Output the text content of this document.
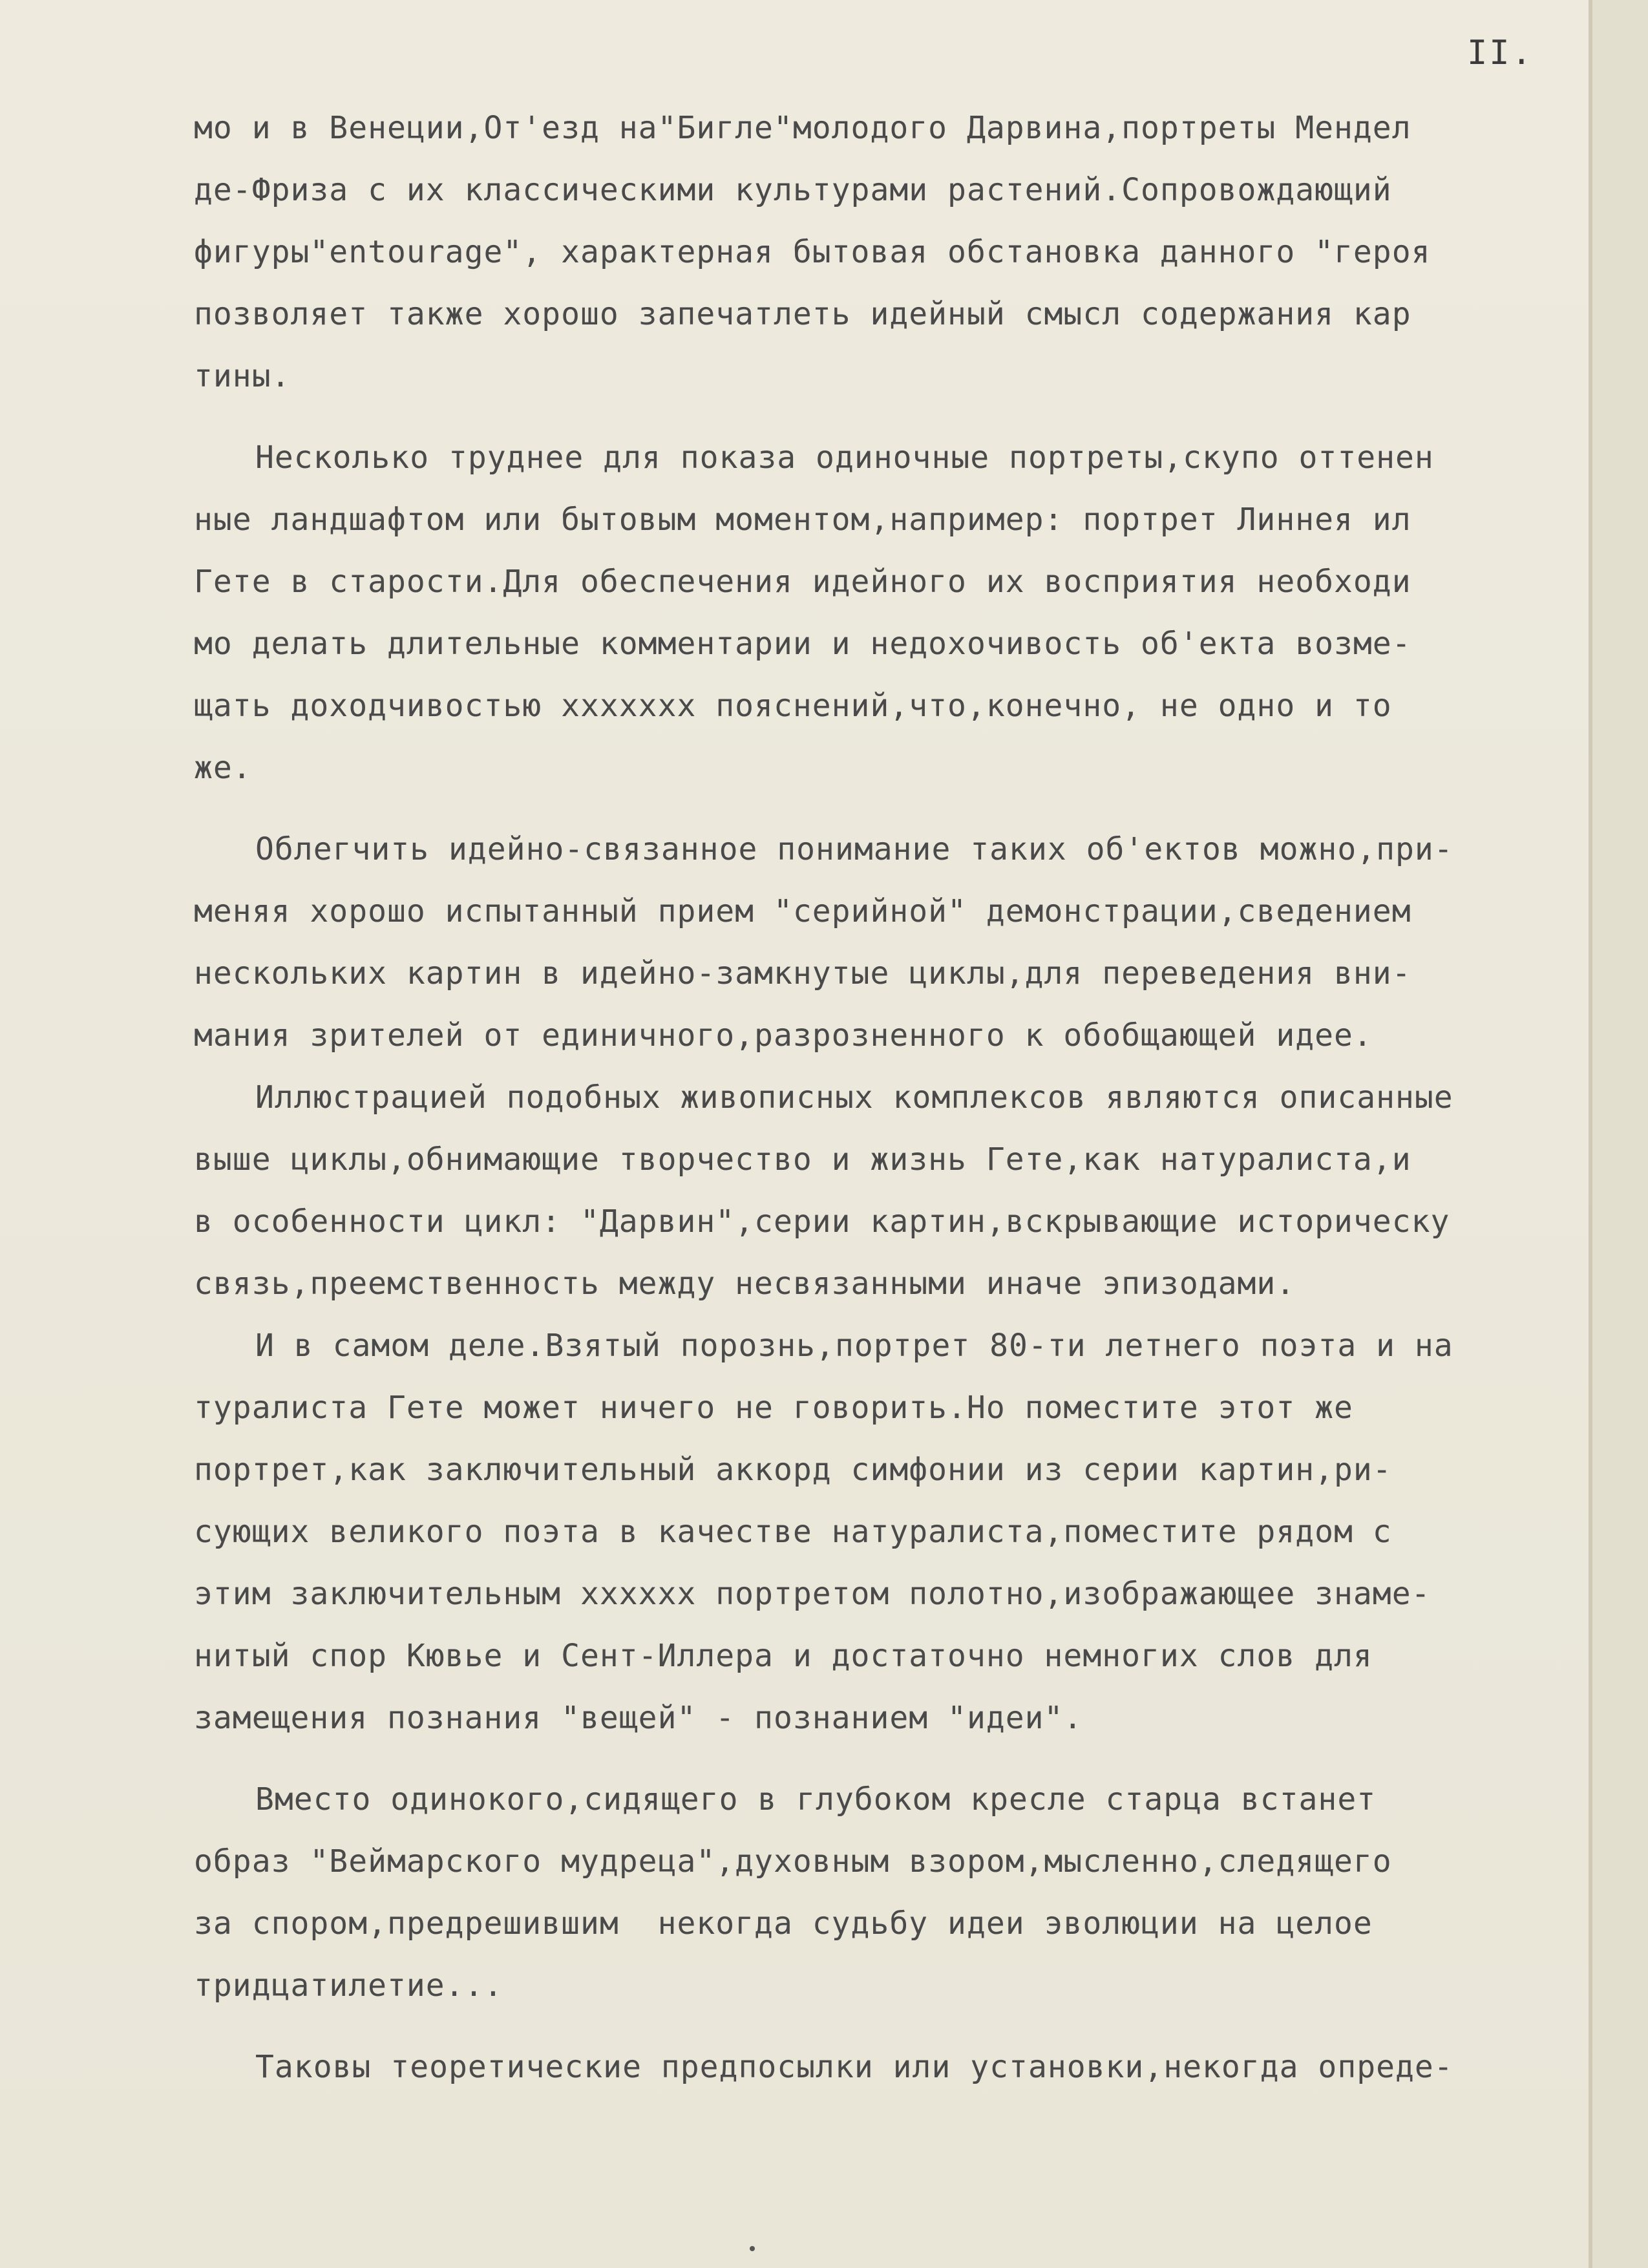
II.
мо и в Венеции,От'езд на"Бигле"молодого Дарвина,портреты Мендел
де-Фриза с их классическими культурами растений.Сопровождающий
фигуры"entourage", характерная бытовая обстановка данного "героя
позволяет также хорошо запечатлеть идейный смысл содержания кар
тины.
Несколько труднее для показа одиночные портреты,скупо оттенен
ные ландшафтом или бытовым моментом,например: портрет Линнея ил
Гете в старости.Для обеспечения идейного их восприятия необходи
мо делать длительные комментарии и недохочивость об'екта возме-
щать доходчивостью ххххххх пояснений,что,конечно, не одно и то
же.
Облегчить идейно-связанное понимание таких об'ектов можно,при-
меняя хорошо испытанный прием "серийной" демонстрации,сведением
нескольких картин в идейно-замкнутые циклы,для переведения вни-
мания зрителей от единичного,разрозненного к обобщающей идее.
Иллюстрацией подобных живописных комплексов являются описанные
выше циклы,обнимающие творчество и жизнь Гете,как натуралиста,и
в особенности цикл: "Дарвин",серии картин,вскрывающие историческу
связь,преемственность между несвязанными иначе эпизодами.
И в самом деле.Взятый порознь,портрет 80-ти летнего поэта и на
туралиста Гете может ничего не говорить.Но поместите этот же
портрет,как заключительный аккорд симфонии из серии картин,ри-
сующих великого поэта в качестве натуралиста,поместите рядом с
этим заключительным хххххх портретом полотно,изображающее знаме-
нитый спор Кювье и Сент-Иллера и достаточно немногих слов для
замещения познания "вещей" - познанием "идеи".
Вместо одинокого,сидящего в глубоком кресле старца встанет
образ "Веймарского мудреца",духовным взором,мысленно,следящего
за спором,предрешившим  некогда судьбу идеи эволюции на целое
тридцатилетие...
Таковы теоретические предпосылки или установки,некогда опреде-
